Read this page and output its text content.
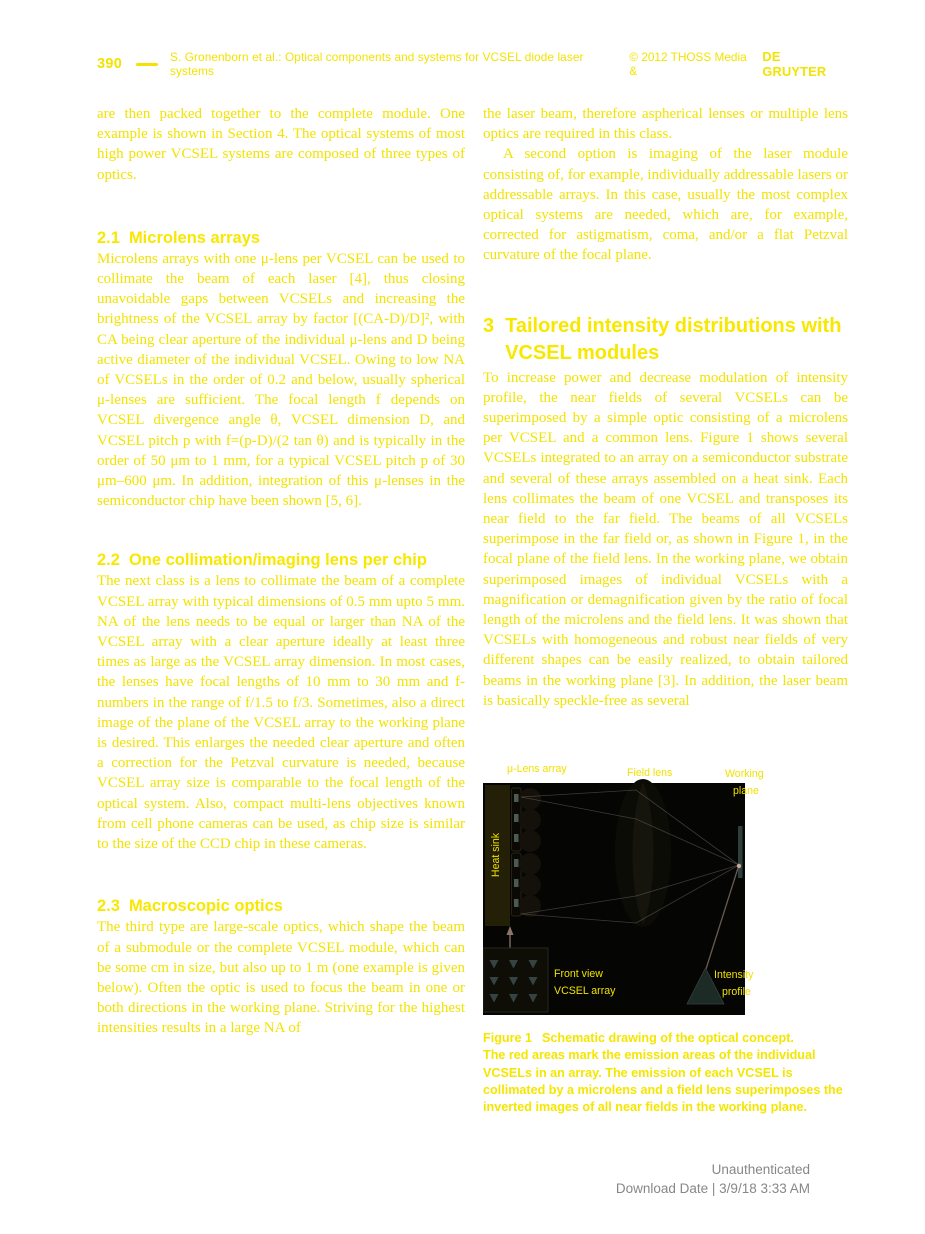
390	S. Gronenborn et al.: Optical components and systems for VCSEL diode laser systems
© 2012 THOSS Media &
DE GRUYTER

are then packed together to the complete module. One example is shown in Section 4. The optical systems of most high power VCSEL systems are composed of three types of optics.

2.1 Microlens arrays

Microlens arrays with one μ-lens per VCSEL can be used to collimate the beam of each laser [4], thus closing unavoidable gaps between VCSELs and increasing the brightness of the VCSEL array by factor [(CA-D)/D]², with CA being clear aperture of the individual μ-lens and D being active diameter of the individual VCSEL. Owing to low NA of VCSELs in the order of 0.2 and below, usually spherical μ-lenses are sufficient. The focal length f depends on VCSEL divergence angle θ, VCSEL dimension D, and VCSEL pitch p with f=(p-D)/(2 tan θ) and is typically in the order of 50 μm to 1 mm, for a typical VCSEL pitch p of 30 μm–600 μm. In addition, integration of this μ-lenses in the semiconductor chip have been shown [5, 6].

2.2 One collimation/imaging lens per chip

The next class is a lens to collimate the beam of a complete VCSEL array with typical dimensions of 0.5 mm upto 5 mm. NA of the lens needs to be equal or larger than NA of the VCSEL array with a clear aperture ideally at least three times as large as the VCSEL array dimension. In most cases, the lenses have focal lengths of 10 mm to 30 mm and f-numbers in the range of f/1.5 to f/3. Sometimes, also a direct image of the plane of the VCSEL array to the working plane is desired. This enlarges the needed clear aperture and often a correction for the Petzval curvature is needed, because VCSEL array size is comparable to the focal length of the optical system. Also, compact multi-lens objectives known from cell phone cameras can be used, as chip size is similar to the size of the CCD chip in these cameras.

2.3 Macroscopic optics

The third type are large-scale optics, which shape the beam of a submodule or the complete VCSEL module, which can be some cm in size, but also up to 1 m (one example is given below). Often the optic is used to focus the beam in one or both directions in the working plane. Striving for the highest intensities results in a large NA of

the laser beam, therefore aspherical lenses or multiple lens optics are required in this class.

A second option is imaging of the laser module consisting of, for example, individually addressable lasers or addressable arrays. In this case, usually the most complex optical systems are needed, which are, for example, corrected for astigmatism, coma, and/or a flat Petzval curvature of the focal plane.

3 Tailored intensity distributions with VCSEL modules

To increase power and decrease modulation of intensity profile, the near fields of several VCSELs can be superimposed by a simple optic consisting of a microlens per VCSEL and a common lens. Figure 1 shows several VCSELs integrated to an array on a semiconductor substrate and several of these arrays assembled on a heat sink. Each lens collimates the beam of one VCSEL and transposes its near field to the far field. The beams of all VCSELs superimpose in the far field or, as shown in Figure 1, in the focal plane of the field lens. In the working plane, we obtain superimposed images of individual VCSELs with a magnification or demagnification given by the ratio of focal length of the microlens and the field lens. It was shown that VCSELs with homogeneous and robust near fields of very different shapes can be easily realized, to obtain tailored beams in the working plane [3]. In addition, the laser beam is basically speckle-free as several

μ-Lens array	Field lens	Working
plane
Heat sink
Front view
VCSEL array
Intensity
profile
Figure 1 Schematic drawing of the optical concept.
The red areas mark the emission areas of the individual VCSELs in an array. The emission of each VCSEL is collimated by a microlens and a field lens superimposes the inverted images of all near fields in the working plane.
Unauthenticated
Download Date | 3/9/18 3:33 AM
